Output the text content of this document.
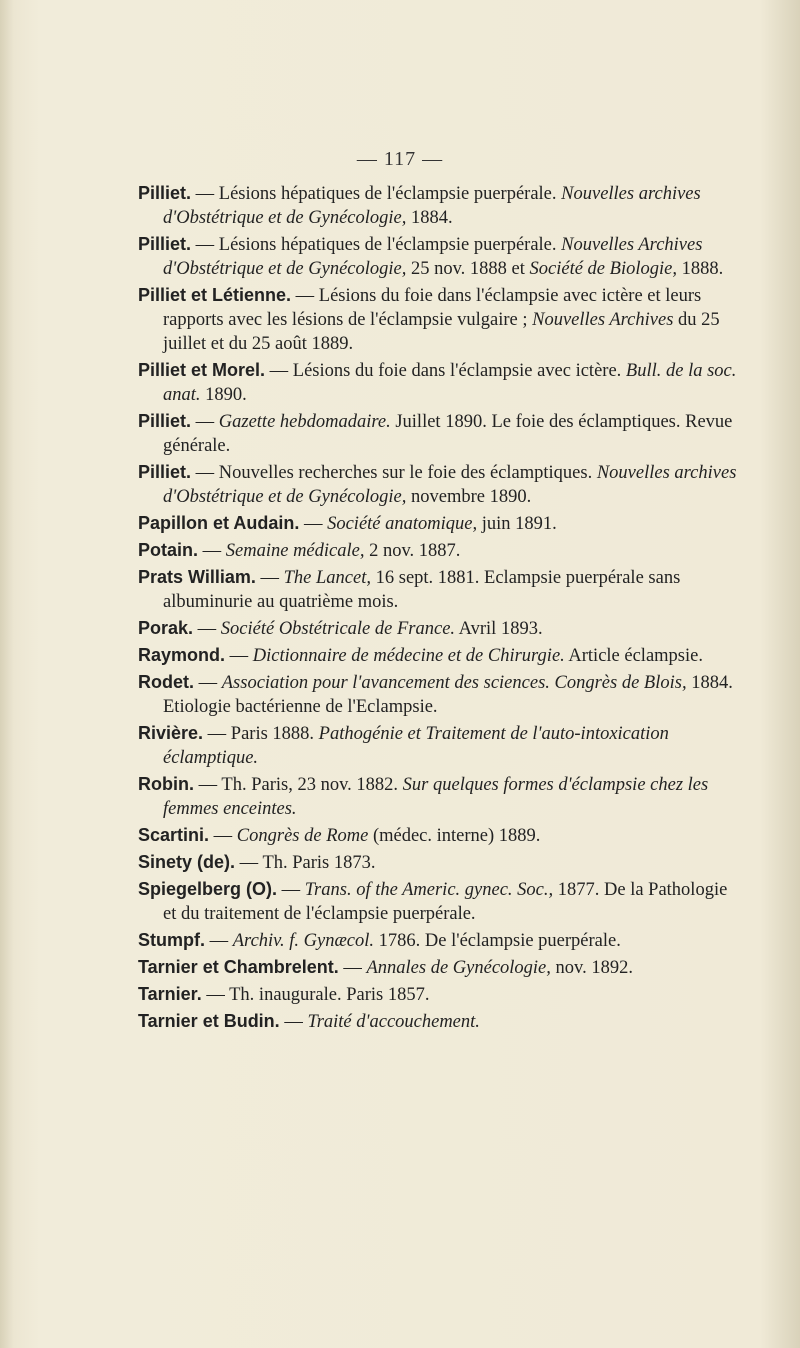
— 117 —

Pilliet. — Lésions hépatiques de l'éclampsie puerpérale. Nouvelles archives d'Obstétrique et de Gynécologie, 1884.

Pilliet. — Lésions hépatiques de l'éclampsie puerpérale. Nouvelles Archives d'Obstétrique et de Gynécologie, 25 nov. 1888 et Société de Biologie, 1888.

Pilliet et Létienne. — Lésions du foie dans l'éclampsie avec ictère et leurs rapports avec les lésions de l'éclampsie vulgaire ; Nouvelles Archives du 25 juillet et du 25 août 1889.

Pilliet et Morel. — Lésions du foie dans l'éclampsie avec ictère. Bull. de la soc. anat. 1890.

Pilliet. — Gazette hebdomadaire. Juillet 1890. Le foie des éclamptiques. Revue générale.

Pilliet. — Nouvelles recherches sur le foie des éclamptiques. Nouvelles archives d'Obstétrique et de Gynécologie, novembre 1890.

Papillon et Audain. — Société anatomique, juin 1891.

Potain. — Semaine médicale, 2 nov. 1887.

Prats William. — The Lancet, 16 sept. 1881. Eclampsie puerpérale sans albuminurie au quatrième mois.

Porak. — Société Obstétricale de France. Avril 1893.

Raymond. — Dictionnaire de médecine et de Chirurgie. Article éclampsie.

Rodet. — Association pour l'avancement des sciences. Congrès de Blois, 1884. Etiologie bactérienne de l'Eclampsie.

Rivière. — Paris 1888. Pathogénie et Traitement de l'auto-intoxication éclamptique.

Robin. — Th. Paris, 23 nov. 1882. Sur quelques formes d'éclampsie chez les femmes enceintes.

Scartini. — Congrès de Rome (médec. interne) 1889.

Sinety (de). — Th. Paris 1873.

Spiegelberg (O). — Trans. of the Americ. gynec. Soc., 1877. De la Pathologie et du traitement de l'éclampsie puerpérale.

Stumpf. — Archiv. f. Gynæcol. 1786. De l'éclampsie puerpérale.

Tarnier et Chambrelent. — Annales de Gynécologie, nov. 1892.

Tarnier. — Th. inaugurale. Paris 1857.

Tarnier et Budin. — Traité d'accouchement.
